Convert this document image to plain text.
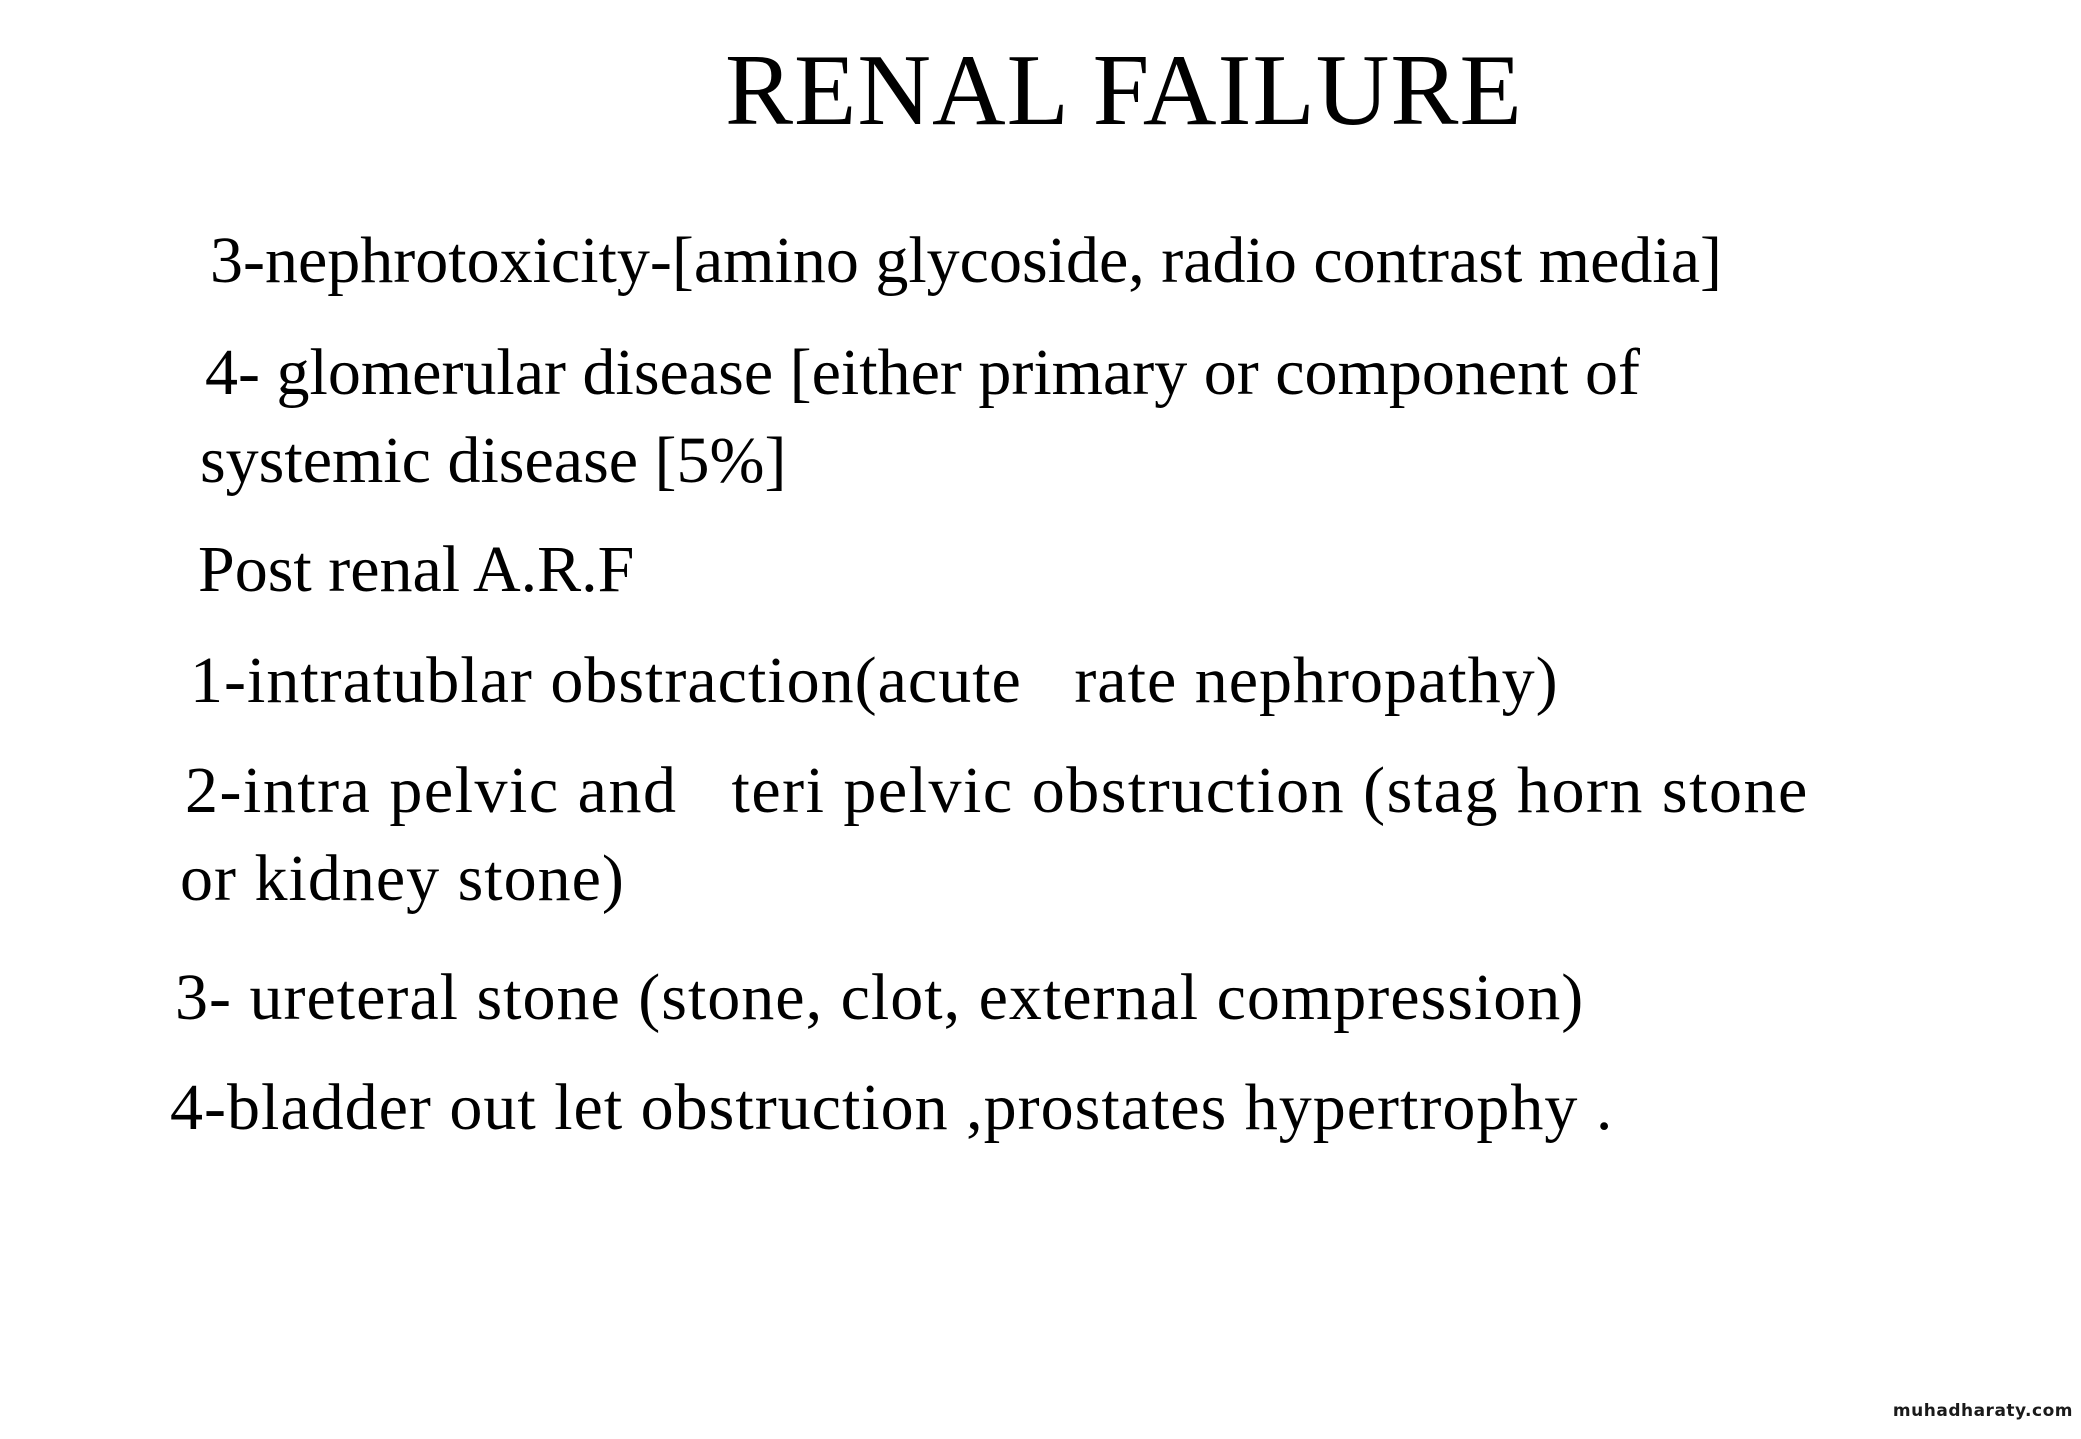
RENAL FAILURE
3-nephrotoxicity-[amino glycoside, radio contrast media]
4- glomerular disease [either primary or component of
systemic disease [5%]
Post renal A.R.F
1-intratublar obstraction(acute   rate nephropathy)
2-intra pelvic and   teri pelvic obstruction (stag horn stone
or kidney stone)
3- ureteral stone (stone, clot, external compression)
4-bladder out let obstruction ,prostates hypertrophy .
muhadharaty.com
